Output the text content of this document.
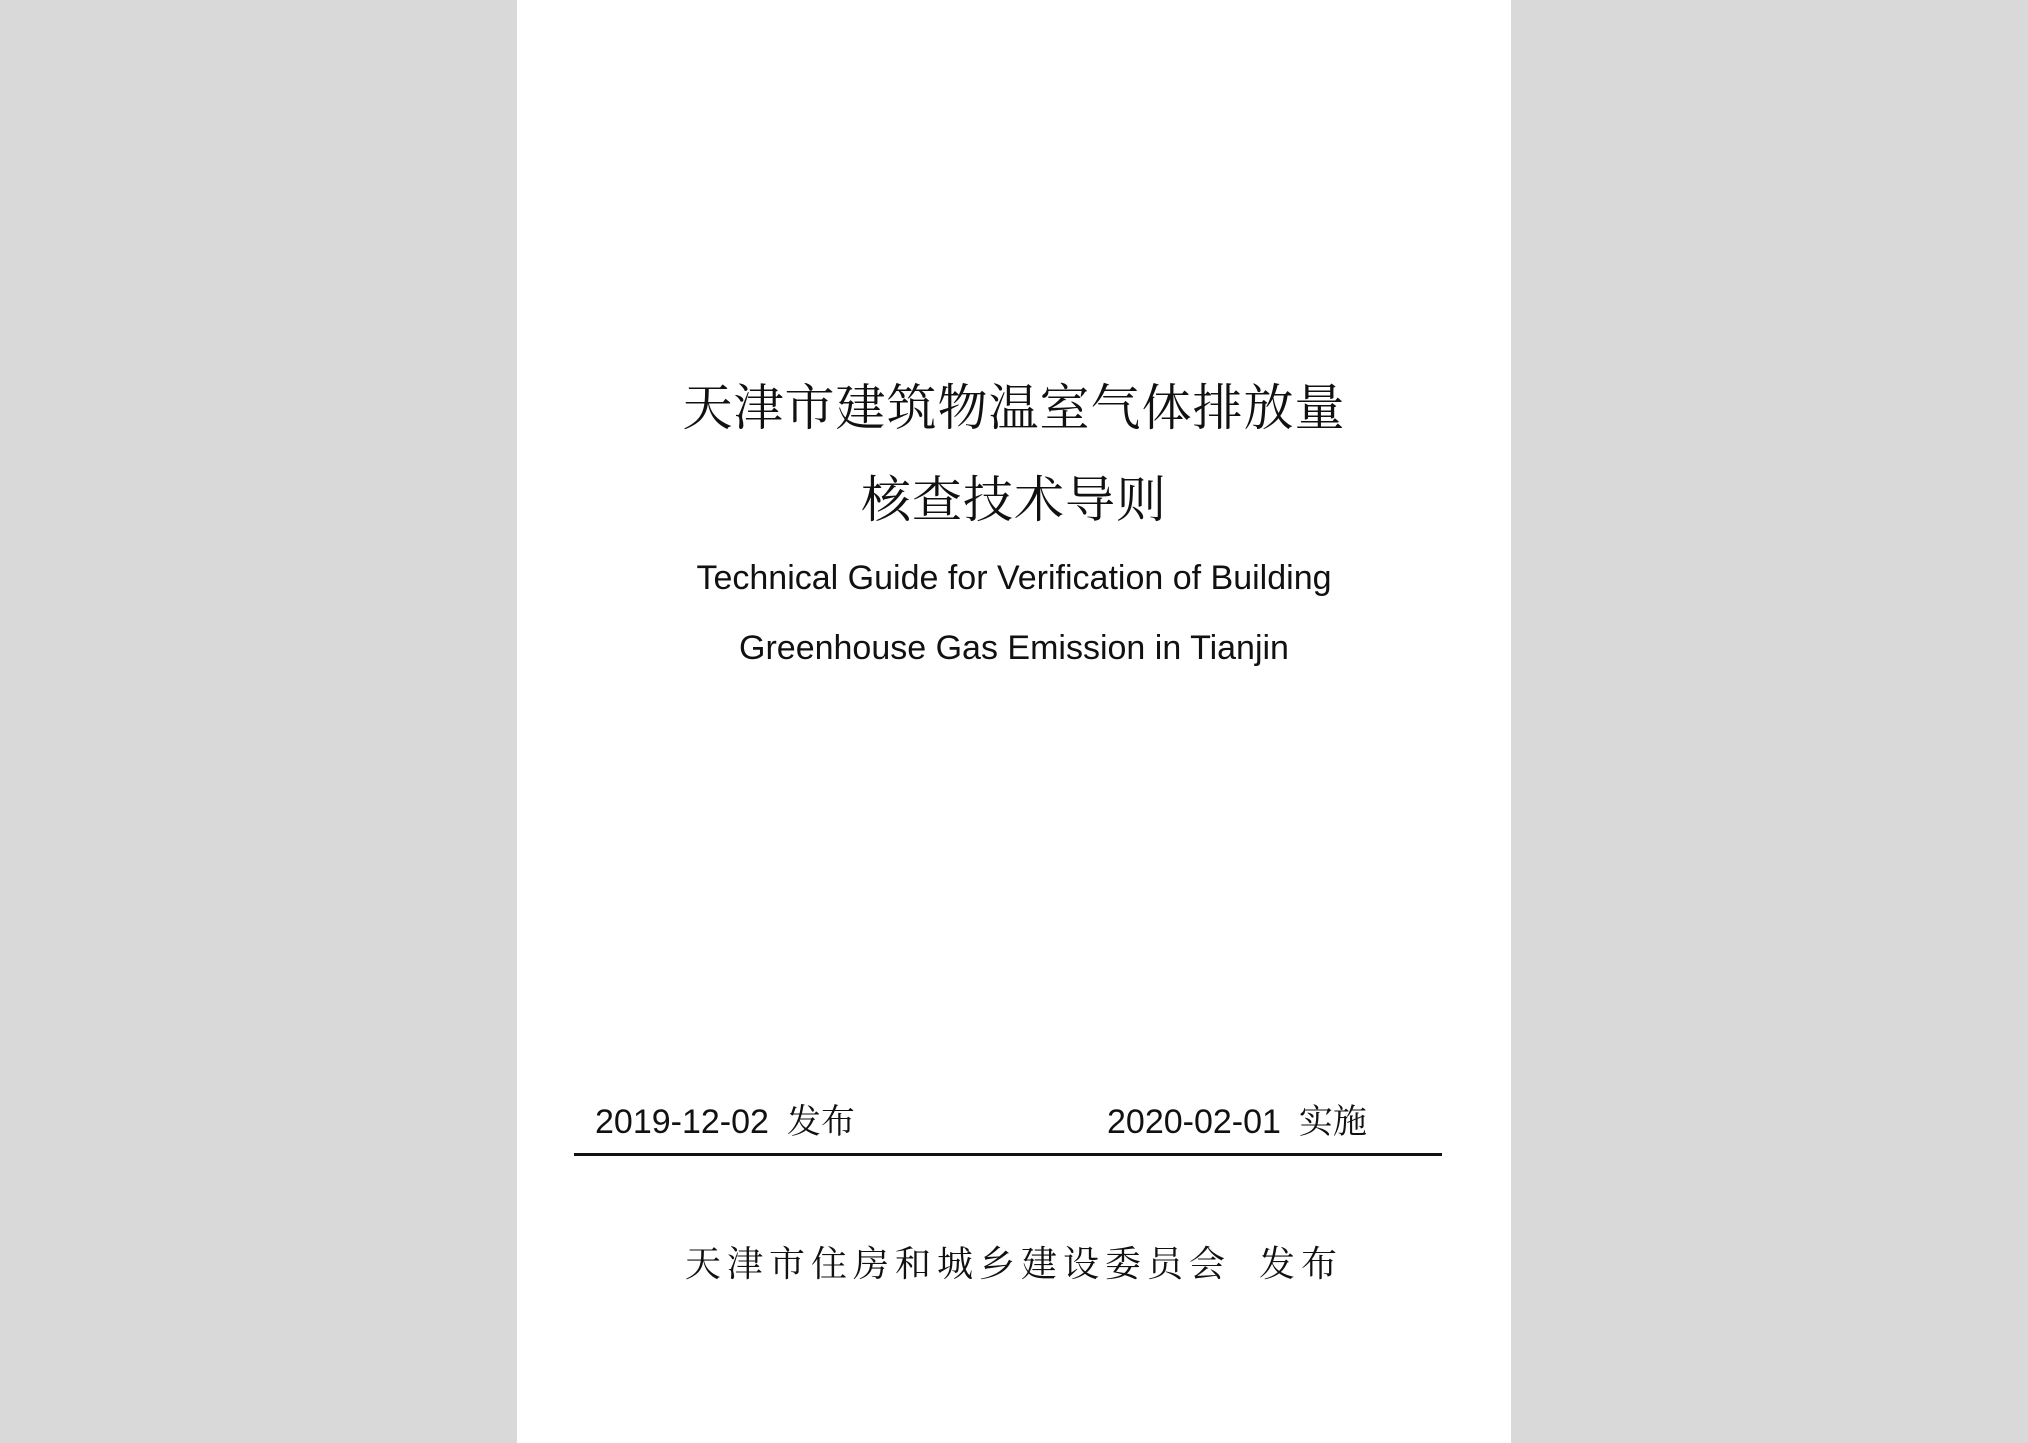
天津市建筑物温室气体排放量
核查技术导则
Technical Guide for Verification of Building
Greenhouse Gas Emission in Tianjin
2019-12-02 发布	2020-02-01 实施
天津市住房和城乡建设委员会 发布
